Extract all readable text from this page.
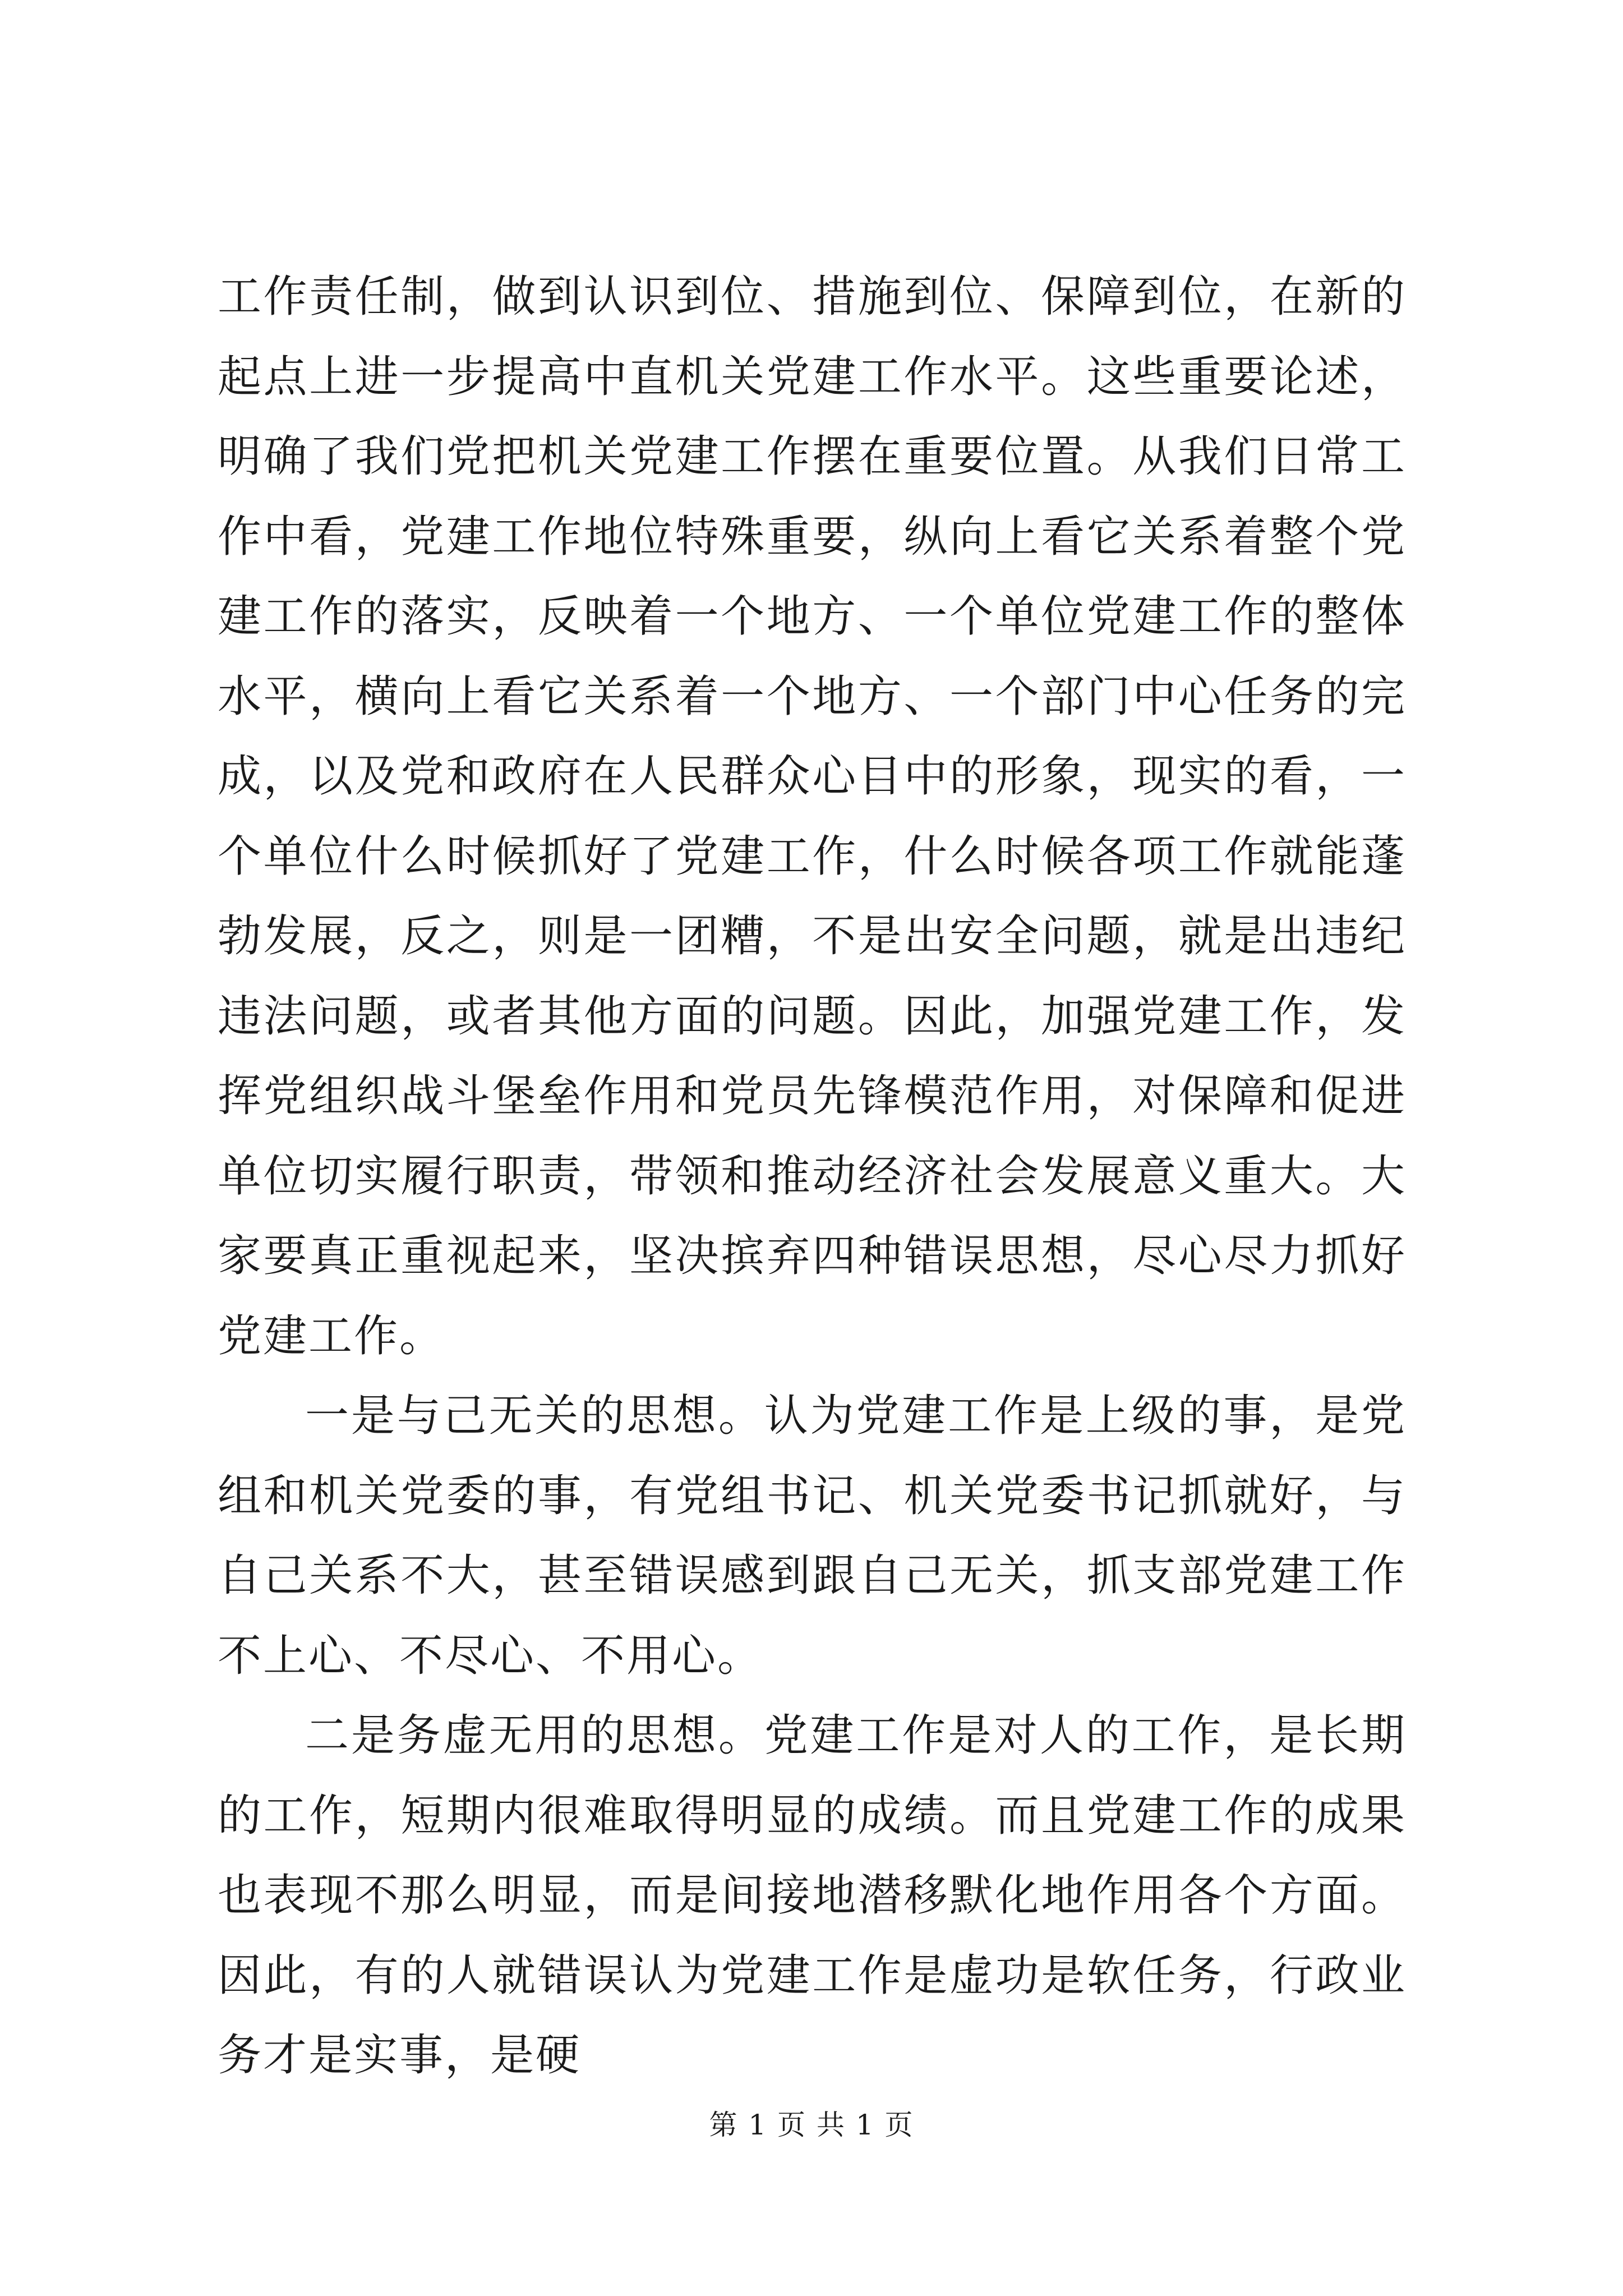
工作责任制，做到认识到位、措施到位、保障到位，在新的起点上进一步提高中直机关党建工作水平。这些重要论述，明确了我们党把机关党建工作摆在重要位置。从我们日常工作中看，党建工作地位特殊重要，纵向上看它关系着整个党建工作的落实，反映着一个地方、一个单位党建工作的整体水平，横向上看它关系着一个地方、一个部门中心任务的完成，以及党和政府在人民群众心目中的形象，现实的看，一个单位什么时候抓好了党建工作，什么时候各项工作就能蓬勃发展，反之，则是一团糟，不是出安全问题，就是出违纪违法问题，或者其他方面的问题。因此，加强党建工作，发挥党组织战斗堡垒作用和党员先锋模范作用，对保障和促进单位切实履行职责，带领和推动经济社会发展意义重大。大家要真正重视起来，坚决摈弃四种错误思想，尽心尽力抓好党建工作。

一是与己无关的思想。认为党建工作是上级的事，是党组和机关党委的事，有党组书记、机关党委书记抓就好，与自己关系不大，甚至错误感到跟自己无关，抓支部党建工作不上心、不尽心、不用心。

二是务虚无用的思想。党建工作是对人的工作，是长期的工作，短期内很难取得明显的成绩。而且党建工作的成果也表现不那么明显，而是间接地潜移默化地作用各个方面。因此，有的人就错误认为党建工作是虚功是软任务，行政业务才是实事，是硬

第 1 页 共 1 页
